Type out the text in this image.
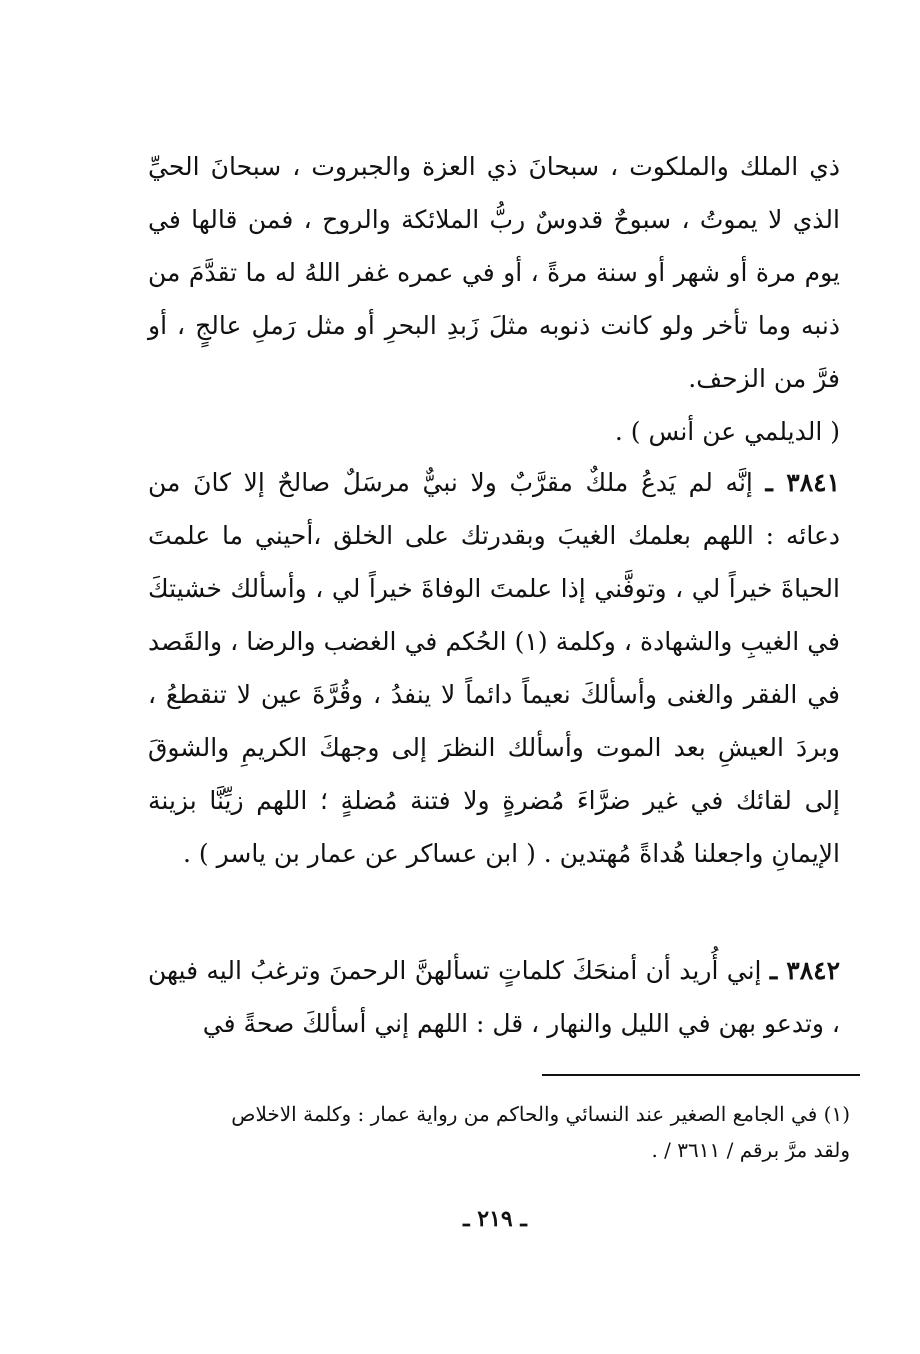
ذي الملك والملكوت ، سبحانَ ذي العزة والجبروت ، سبحانَ الحيِّ الذي لا يموتُ ، سبوحٌ قدوسٌ ربُّ الملائكة والروح ، فمن قالها في يوم مرة أو شهر أو سنة مرةً ، أو في عمره غفر اللهُ له ما تقدَّمَ من ذنبه وما تأخر ولو كانت ذنوبه مثلَ زَبدِ البحرِ أو مثل رَملِ عالجٍ ، أو فرَّ من الزحف.
( الديلمي عن أنس ) .

٣٨٤١ ـ إنَّه لم يَدعُ ملكٌ مقرَّبٌ ولا نبيٌّ مرسَلٌ صالحٌ إلا كانَ من دعائه : اللهم بعلمك الغيبَ وبقدرتك على الخلق ،أحيني ما علمتَ الحياةَ خيراً لي ، وتوفَّني إذا علمتَ الوفاةَ خيراً لي ، وأسألك خشيتكَ في الغيبِ والشهادة ، وكلمة (١) الحُكم في الغضب والرضا ، والقَصد في الفقر والغنى وأسألكَ نعيماً دائماً لا ينفدُ ، وقُرَّةَ عين لا تنقطعُ ، وبردَ العيشِ بعد الموت وأسألك النظرَ إلى وجهكَ الكريمِ والشوقَ إلى لقائك في غير ضرَّاءَ مُضرةٍ ولا فتنة مُضلةٍ ؛ اللهم زيِّنَّا بزينة الإيمانِ واجعلنا هُداةً مُهتدين . ( ابن عساكر عن عمار بن ياسر ) .

٣٨٤٢ ـ إني أُريد أن أمنحَكَ كلماتٍ تسألهنَّ الرحمنَ وترغبُ اليه فيهن ، وتدعو بهن في الليل والنهار ، قل : اللهم إني أسألكَ صحةً في

(١) في الجامع الصغير عند النسائي والحاكم من رواية عمار : وكلمة الاخلاص
ولقد مرَّ برقم / ٣٦١١ / .
ـ ٢١٩ ـ
